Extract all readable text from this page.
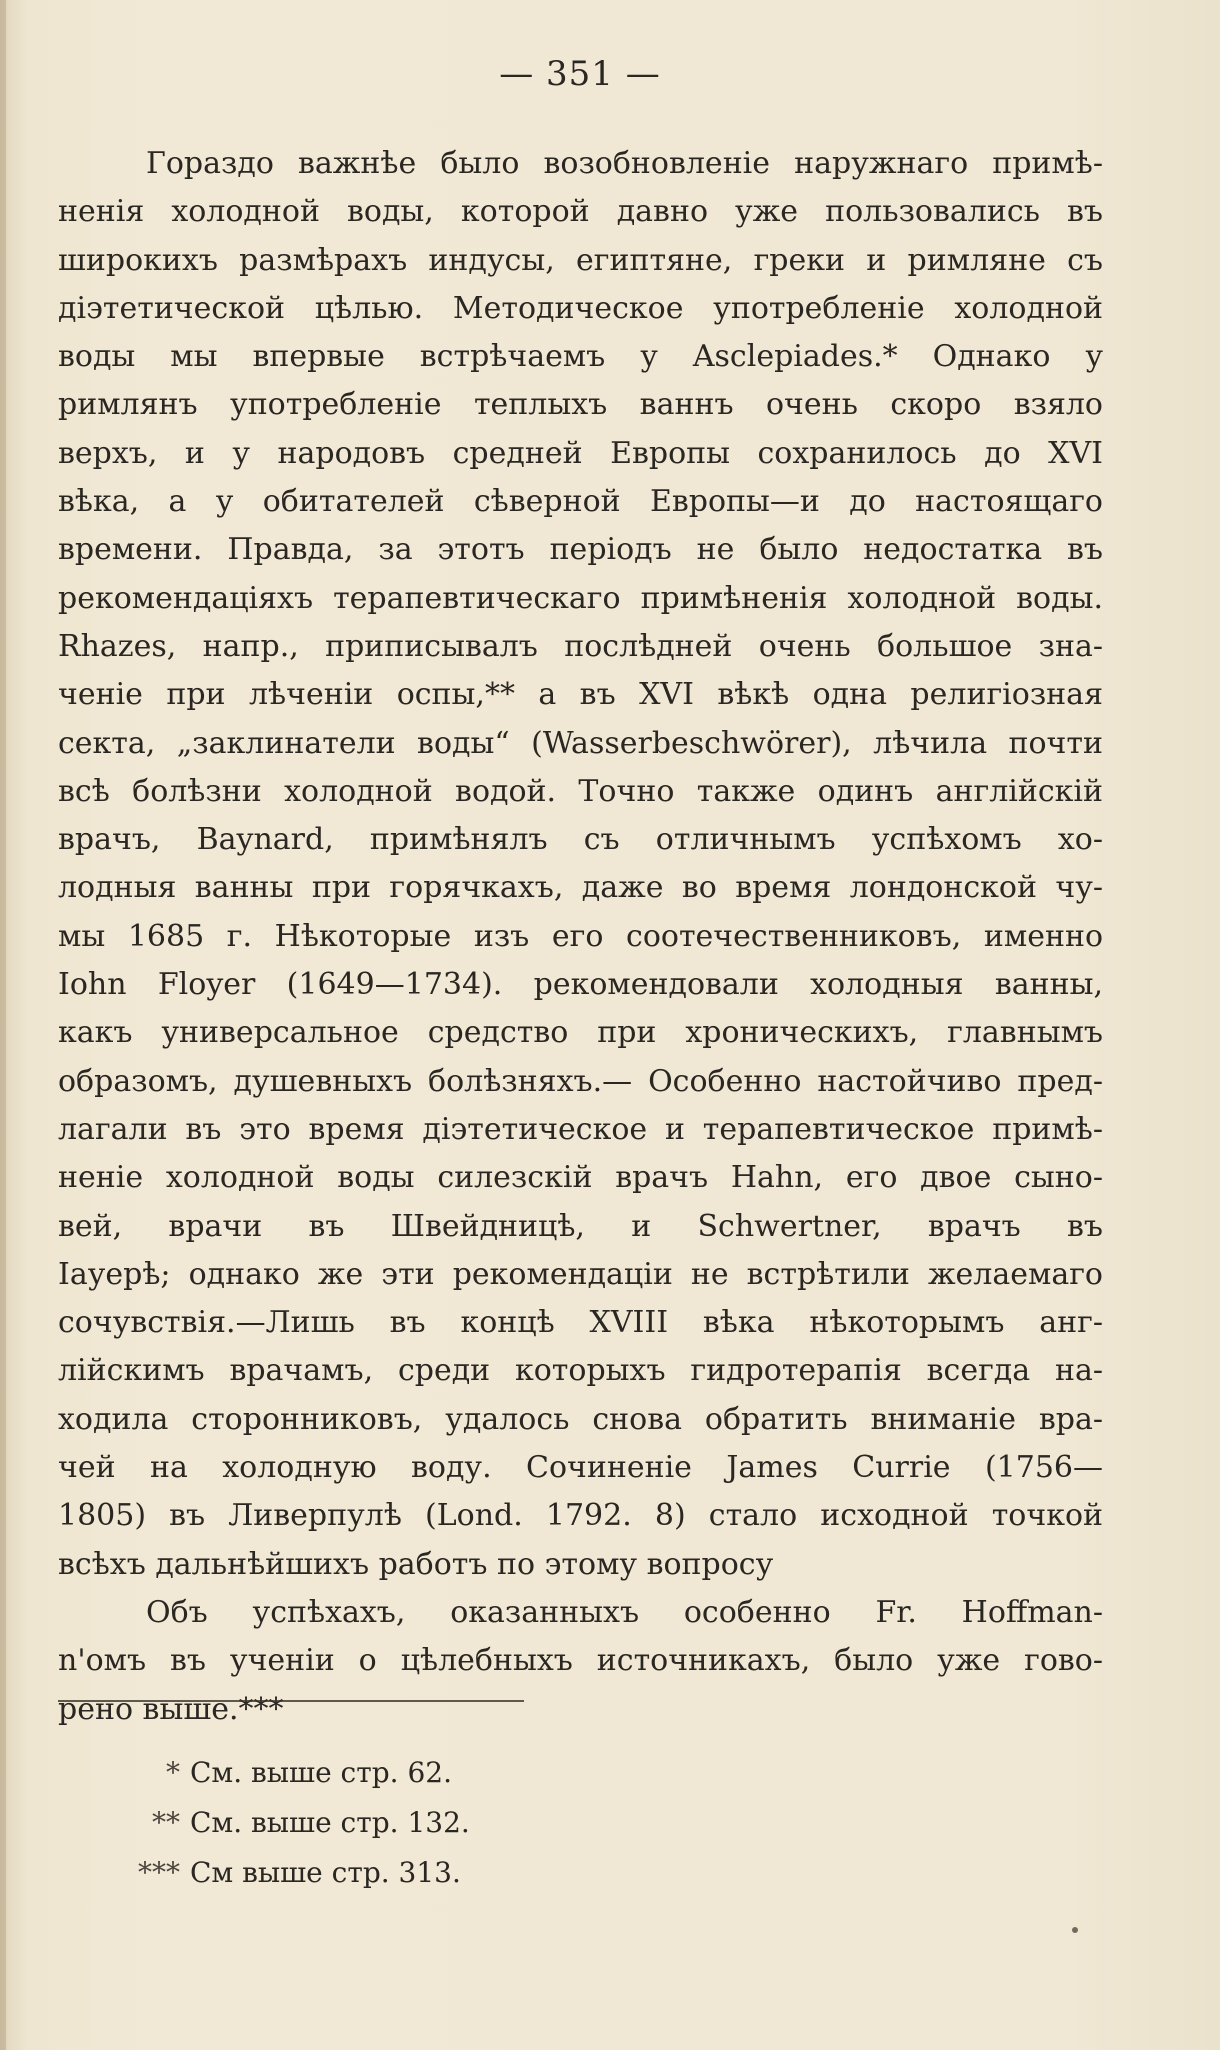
— 351 —
Гораздо важнѣе было возобновленіе наружнаго примѣ-
ненія холодной воды, которой давно уже пользовались въ
широкихъ размѣрахъ индусы, египтяне, греки и римляне съ
діэтетической цѣлью. Методическое употребленіе холодной
воды мы впервые встрѣчаемъ у Asclepiades.* Однако у
римлянъ употребленіе теплыхъ ваннъ очень скоро взяло
верхъ, и у народовъ средней Европы сохранилось до XVI
вѣка, а у обитателей сѣверной Европы—и до настоящаго
времени. Правда, за этотъ періодъ не было недостатка въ
рекомендаціяхъ терапевтическаго примѣненія холодной воды.
Rhazes, напр., приписывалъ послѣдней очень большое зна-
ченіе при лѣченіи оспы,** а въ XVI вѣкѣ одна религіозная
секта, „заклинатели воды“ (Wasserbeschwörer), лѣчила почти
всѣ болѣзни холодной водой. Точно также одинъ англійскій
врачъ, Baynard, примѣнялъ съ отличнымъ успѣхомъ хо-
лодныя ванны при горячкахъ, даже во время лондонской чу-
мы 1685 г. Нѣкоторые изъ его соотечественниковъ, именно
Iohn Floyer (1649—1734). рекомендовали холодныя ванны,
какъ универсальное средство при хроническихъ, главнымъ
образомъ, душевныхъ болѣзняхъ.— Особенно настойчиво пред-
лагали въ это время діэтетическое и терапевтическое примѣ-
неніе холодной воды силезскій врачъ Hahn, его двое сыно-
вей, врачи въ Швейдницѣ, и Schwertner, врачъ въ
Iауерѣ; однако же эти рекомендаціи не встрѣтили желаемаго
сочувствія.—Лишь въ концѣ XVIII вѣка нѣкоторымъ анг-
лійскимъ врачамъ, среди которыхъ гидротерапія всегда на-
ходила сторонниковъ, удалось снова обратить вниманіе вра-
чей на холодную воду. Сочиненіе James Currie (1756—
1805) въ Ливерпулѣ (Lond. 1792. 8) стало исходной точкой
всѣхъ дальнѣйшихъ работъ по этому вопросу
Объ успѣхахъ, оказанныхъ особенно Fr. Hoffman-
n'омъ въ ученіи о цѣлебныхъ источникахъ, было уже гово-
рено выше.***
* См. выше стр. 62.
** См. выше стр. 132.
*** См выше стр. 313.
